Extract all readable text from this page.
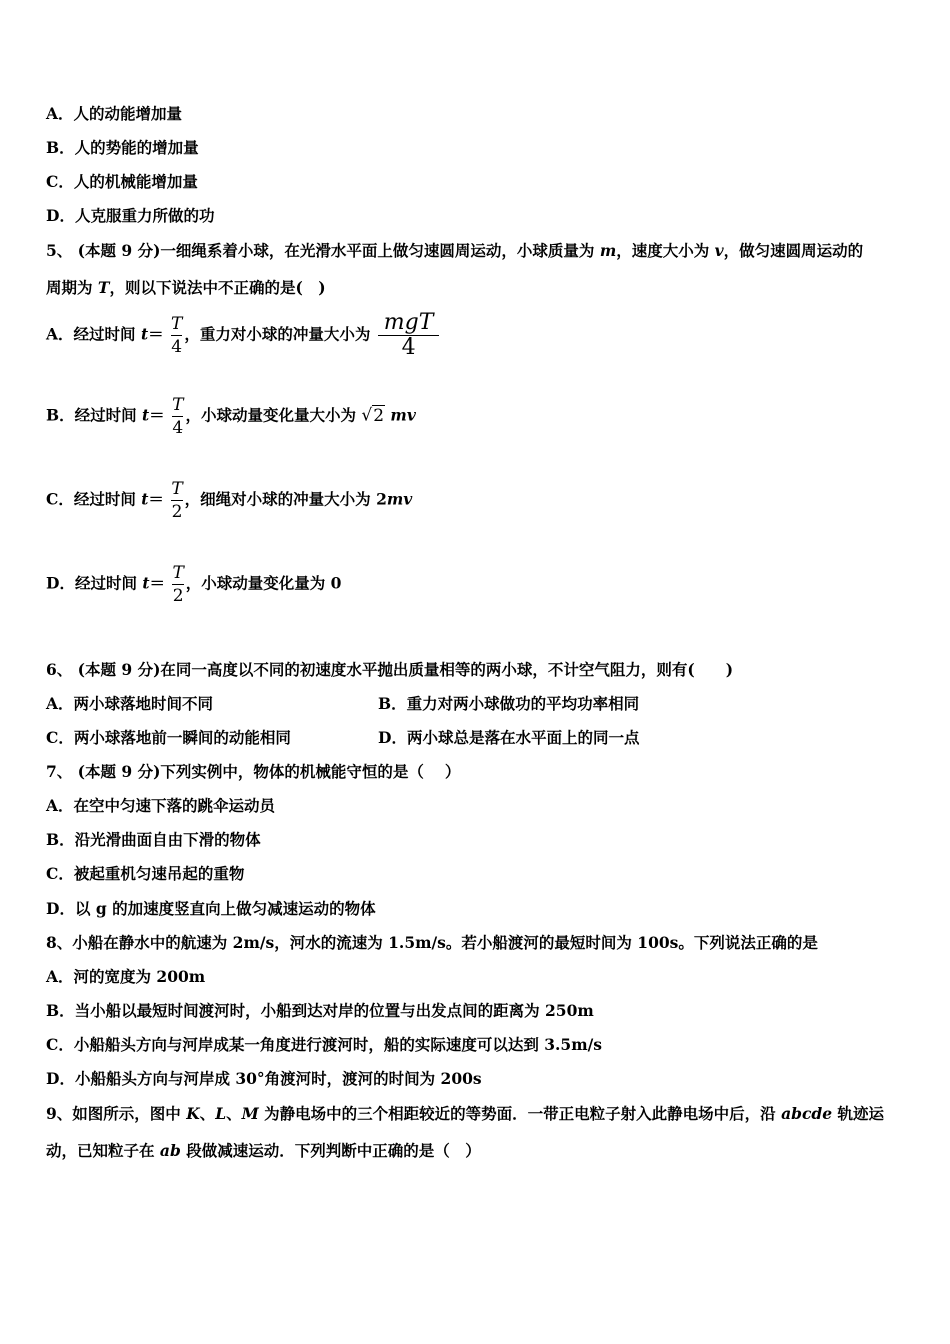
A．人的动能增加量
B．人的势能的增加量
C．人的机械能增加量
D．人克服重力所做的功
5、 (本题 9 分)一细绳系着小球，在光滑水平面上做匀速圆周运动，小球质量为 m，速度大小为 v，做匀速圆周运动的
周期为 T，则以下说法中不正确的是(　)
A．经过时间 $t= \frac{T}{4}$ ，重力对小球的冲量大小为 $\frac{\text{mgT}}{4}$
B．经过时间 $t= \frac{T}{4}$ ，小球动量变化量大小为 √2 mv
C．经过时间 $t= \frac{T}{2}$ ，细绳对小球的冲量大小为 2mv
D．经过时间 $t= \frac{T}{2}$ ，小球动量变化量为 0
6、 (本题 9 分)在同一高度以不同的初速度水平抛出质量相等的两小球，不计空气阻力，则有(　　)
A．两小球落地时间不同	B．重力对两小球做功的平均功率相同
C．两小球落地前一瞬间的动能相同	D．两小球总是落在水平面上的同一点
7、 (本题 9 分)下列实例中，物体的机械能守恒的是（　 ）
A．在空中匀速下落的跳伞运动员
B．沿光滑曲面自由下滑的物体
C．被起重机匀速吊起的重物
D．以 g 的加速度竖直向上做匀减速运动的物体
8、小船在静水中的航速为 2m/s，河水的流速为 1.5m/s。若小船渡河的最短时间为 100s。下列说法正确的是
A．河的宽度为 200m
B．当小船以最短时间渡河时，小船到达对岸的位置与出发点间的距离为 250m
C．小船船头方向与河岸成某一角度进行渡河时，船的实际速度可以达到 3.5m/s
D．小船船头方向与河岸成 30°角渡河时，渡河的时间为 200s
9、如图所示，图中 K、L、M 为静电场中的三个相距较近的等势面．一带正电粒子射入此静电场中后，沿 abcde 轨迹运
动，已知粒子在 ab 段做减速运动．下列判断中正确的是（　）
